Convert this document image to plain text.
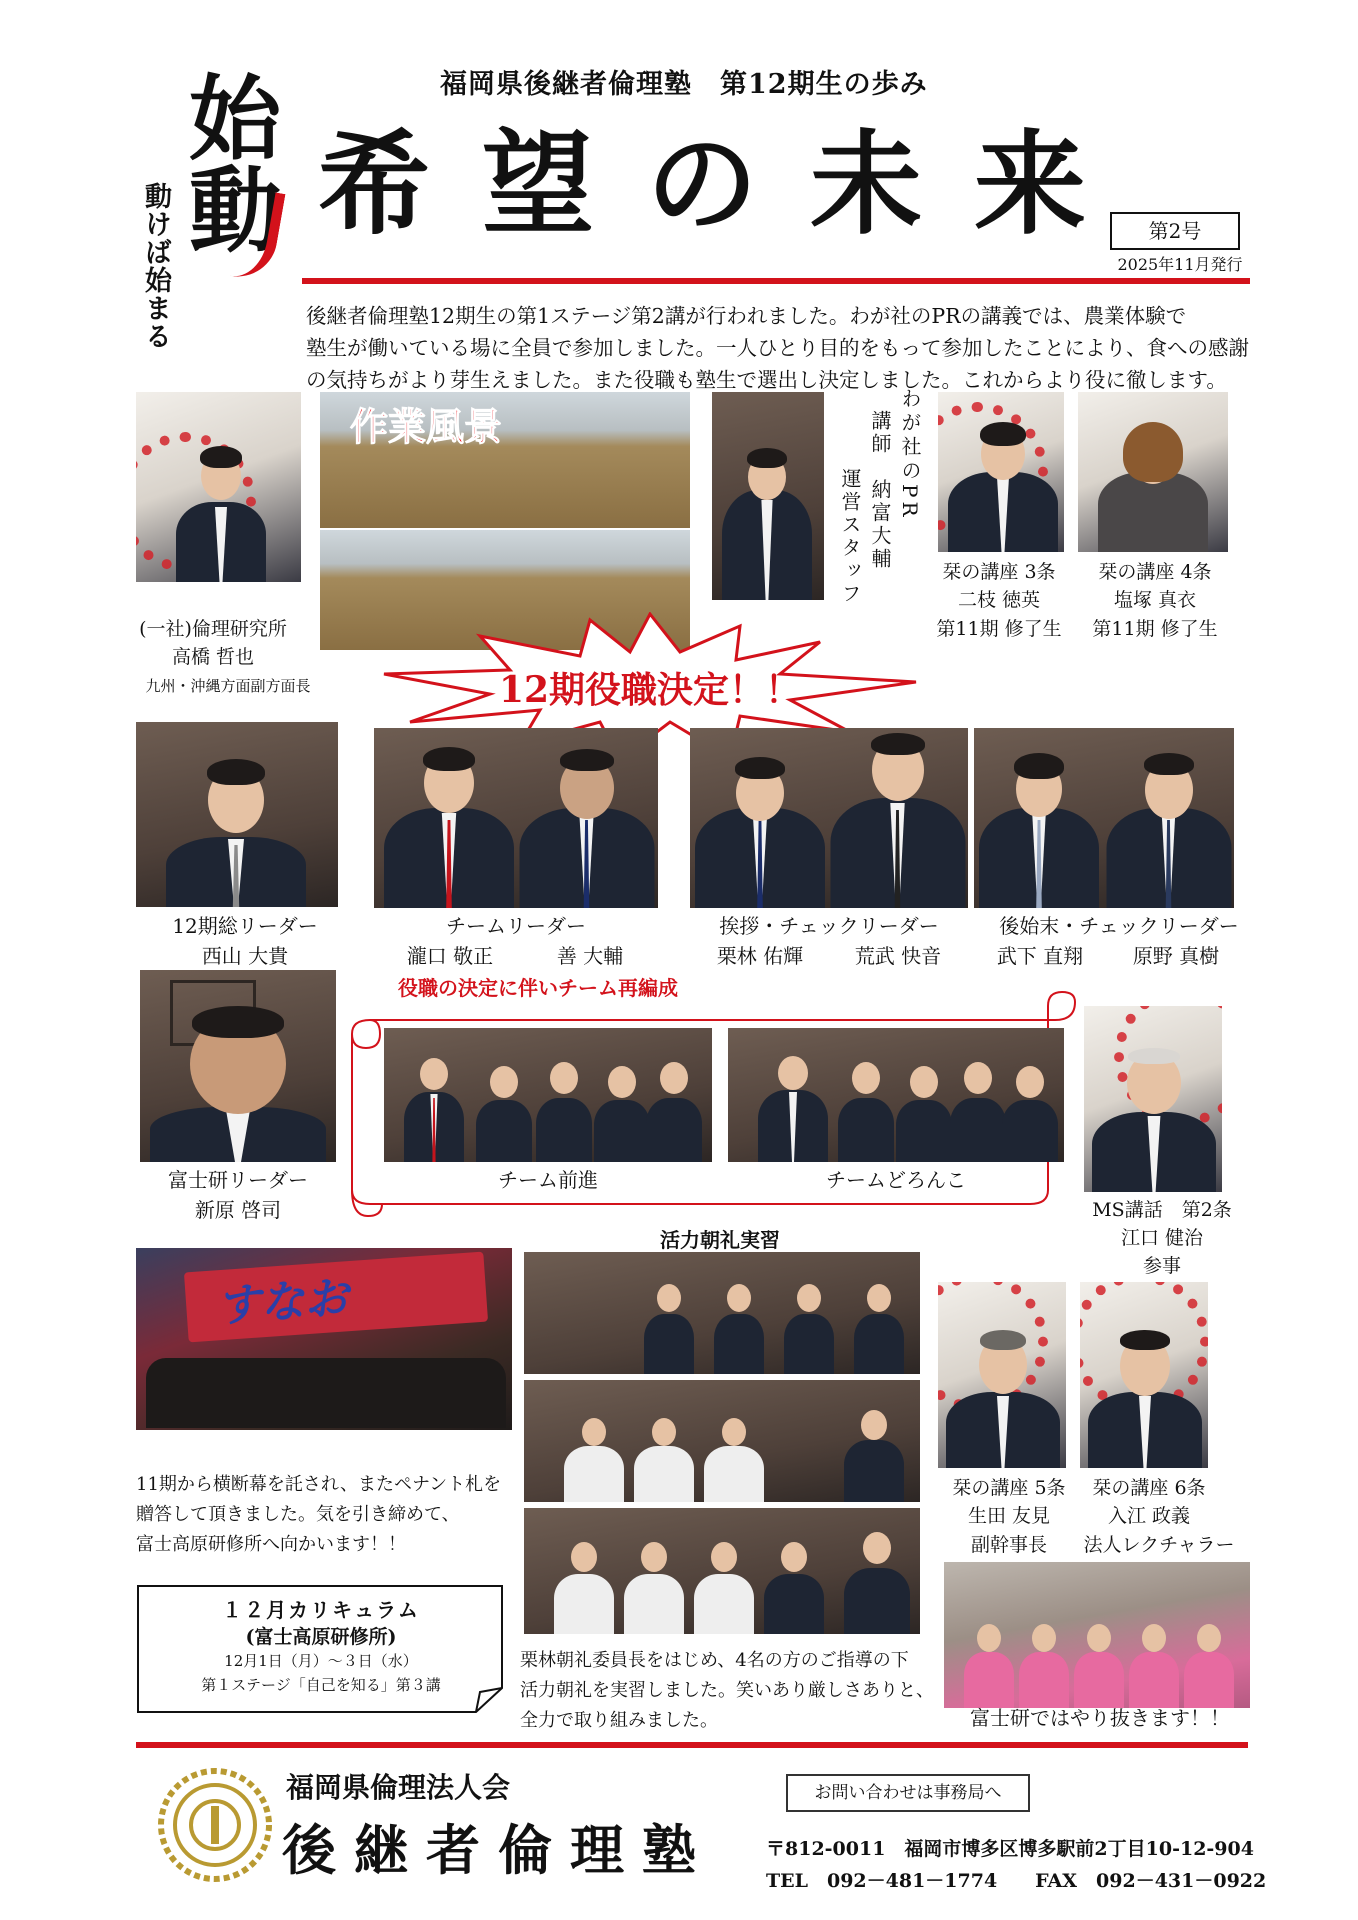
始動
動けば始まる
福岡県後継者倫理塾　第12期生の歩み
希望の未来 第2号
2025年11月発行
後継者倫理塾12期生の第1ステージ第2講が行われました。わが社のPRの講義では、農業体験で
塾生が働いている場に全員で参加しました。一人ひとり目的をもって参加したことにより、食への感謝
の気持ちがより芽生えました。また役職も塾生で選出し決定しました。これからより役に徹します。
(一社)倫理研究所
高橋 哲也
九州・沖縄方面副方面長
作業風景	わが社のPR
講師　納富大輔
運営スタッフ	栞の講座 3条
二枝 徳英
第11期 修了生
栞の講座 4条
塩塚 真衣
第11期 修了生
12期役職決定！！
12期総リーダー
西山 大貴
チームリーダー
瀧口 敬正	善 大輔
挨拶・チェックリーダー
栗林 佑輝	荒武 快音
後始末・チェックリーダー
武下 直翔	原野 真樹
富士研リーダー
新原 啓司
役職の決定に伴いチーム再編成
チーム前進	チームどろんこ
MS講話　第2条
江口 健治
参事
すなお
11期から横断幕を託され、またペナント札を
贈答して頂きました。気を引き締めて、
富士高原研修所へ向かいます！！
１２月カリキュラム
(富士高原研修所)
12月1日（月）～３日（水）
第１ステージ「自己を知る」第３講
活力朝礼実習
栗林朝礼委員長をはじめ、4名の方のご指導の下
活力朝礼を実習しました。笑いあり厳しさありと、
全力で取り組みました。
栞の講座 5条
生田 友見
副幹事長
栞の講座 6条
入江 政義
法人レクチャラー
富士研ではやり抜きます！！
福岡県倫理法人会
後継者倫理塾
お問い合わせは事務局へ
〒812-0011　福岡市博多区博多駅前2丁目10-12-904
TEL　092－481－1774　　FAX　092－431－0922
